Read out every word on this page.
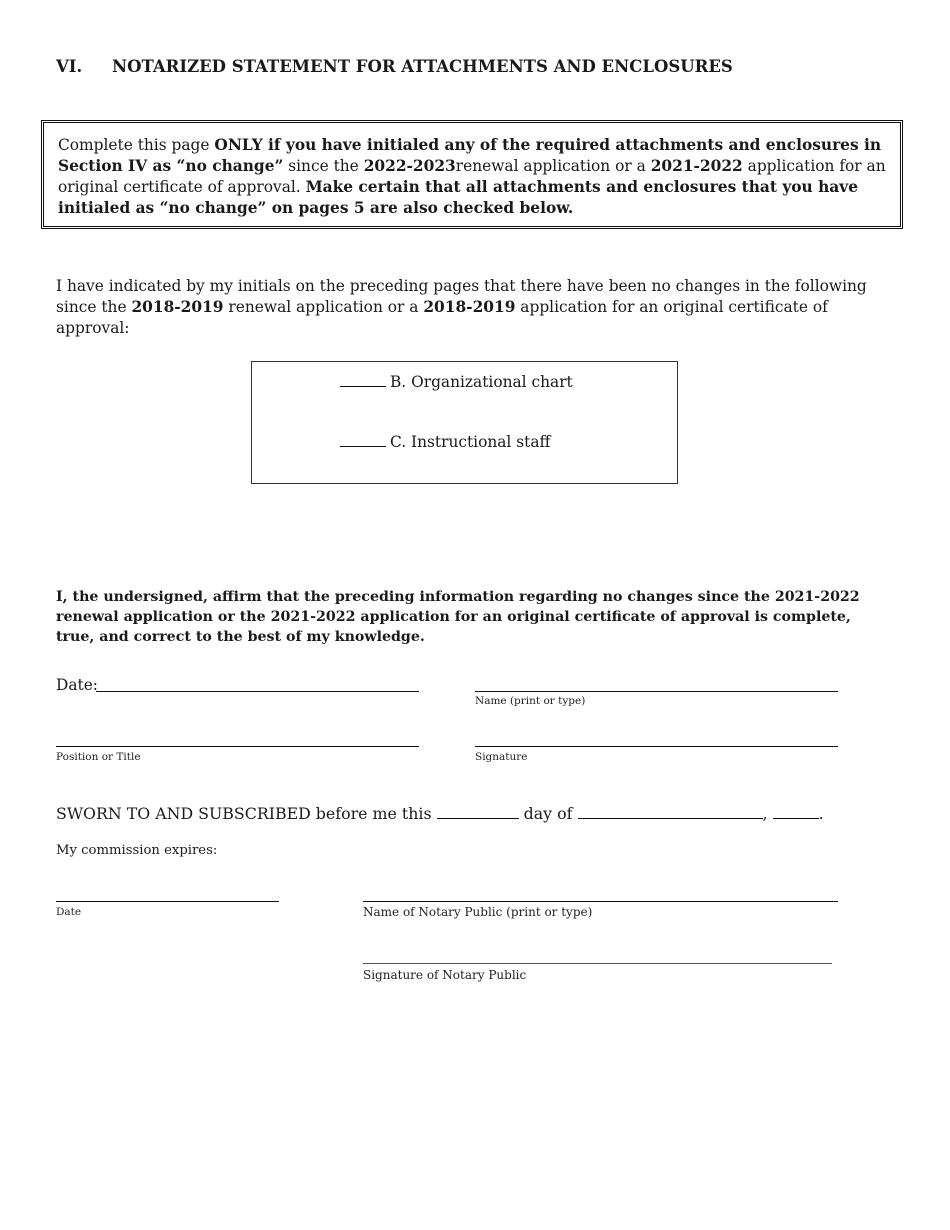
VI. NOTARIZED STATEMENT FOR ATTACHMENTS AND ENCLOSURES
Complete this page ONLY if you have initialed any of the required attachments and enclosures in Section IV as “no change” since the 2022-2023renewal application or a 2021-2022 application for an original certificate of approval. Make certain that all attachments and enclosures that you have initialed as “no change” on pages 5 are also checked below.
I have indicated by my initials on the preceding pages that there have been no changes in the following since the 2018-2019 renewal application or a 2018-2019 application for an original certificate of approval:
B. Organizational chart
C. Instructional staff
I, the undersigned, affirm that the preceding information regarding no changes since the 2021-2022 renewal application or the 2021-2022 application for an original certificate of approval is complete, true, and correct to the best of my knowledge.
Date:
Name (print or type)
Position or Title	Signature
SWORN TO AND SUBSCRIBED before me this	day of	,	.
My commission expires:
Date	Name of Notary Public (print or type)
Signature of Notary Public
